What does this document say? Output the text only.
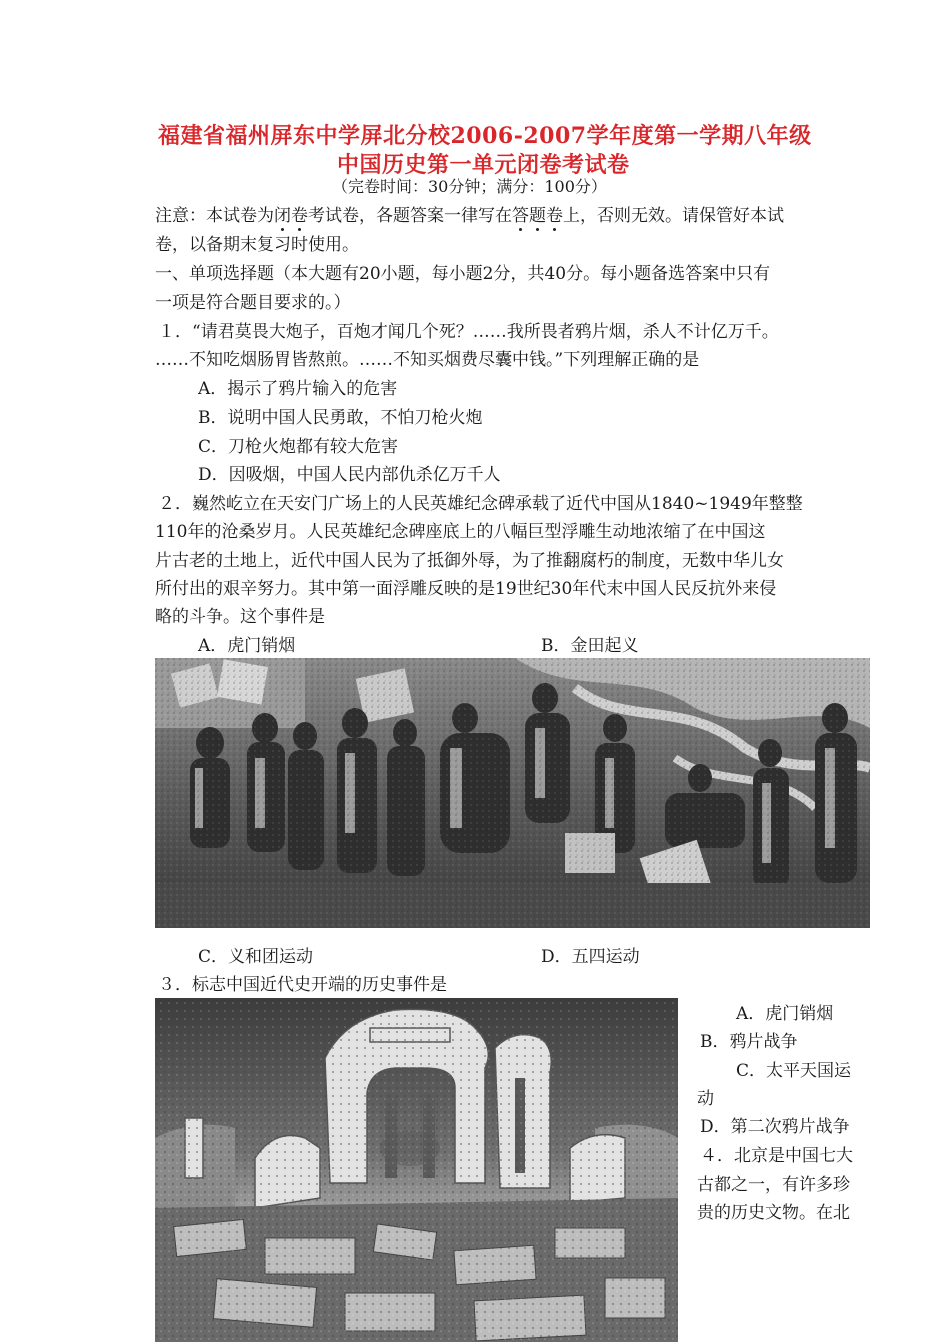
福建省福州屏东中学屏北分校2006-2007学年度第一学期八年级
中国历史第一单元闭卷考试卷
（完卷时间：30分钟；满分：100分）
注意：本试卷为闭卷考试卷，各题答案一律写在答题卷上，否则无效。请保管好本试
卷，以备期末复习时使用。
一、单项选择题（本大题有20小题，每小题2分，共40分。每小题备选答案中只有
一项是符合题目要求的。）
１．“请君莫畏大炮子，百炮才闻几个死？……我所畏者鸦片烟，杀人不计亿万千。
……不知吃烟肠胃皆熬煎。……不知买烟费尽囊中钱。”下列理解正确的是
A．揭示了鸦片输入的危害
B．说明中国人民勇敢，不怕刀枪火炮
C．刀枪火炮都有较大危害
D．因吸烟，中国人民内部仇杀亿万千人
２．巍然屹立在天安门广场上的人民英雄纪念碑承载了近代中国从1840~1949年整整
110年的沧桑岁月。人民英雄纪念碑座底上的八幅巨型浮雕生动地浓缩了在中国这
片古老的土地上，近代中国人民为了抵御外辱，为了推翻腐朽的制度，无数中华儿女
所付出的艰辛努力。其中第一面浮雕反映的是19世纪30年代末中国人民反抗外来侵
略的斗争。这个事件是
A．虎门销烟	B．金田起义
C．义和团运动	D．五四运动
３．标志中国近代史开端的历史事件是
A．虎门销烟
B．鸦片战争
C．太平天国运
动
D．第二次鸦片战争
４．北京是中国七大
古都之一，有许多珍
贵的历史文物。在北
